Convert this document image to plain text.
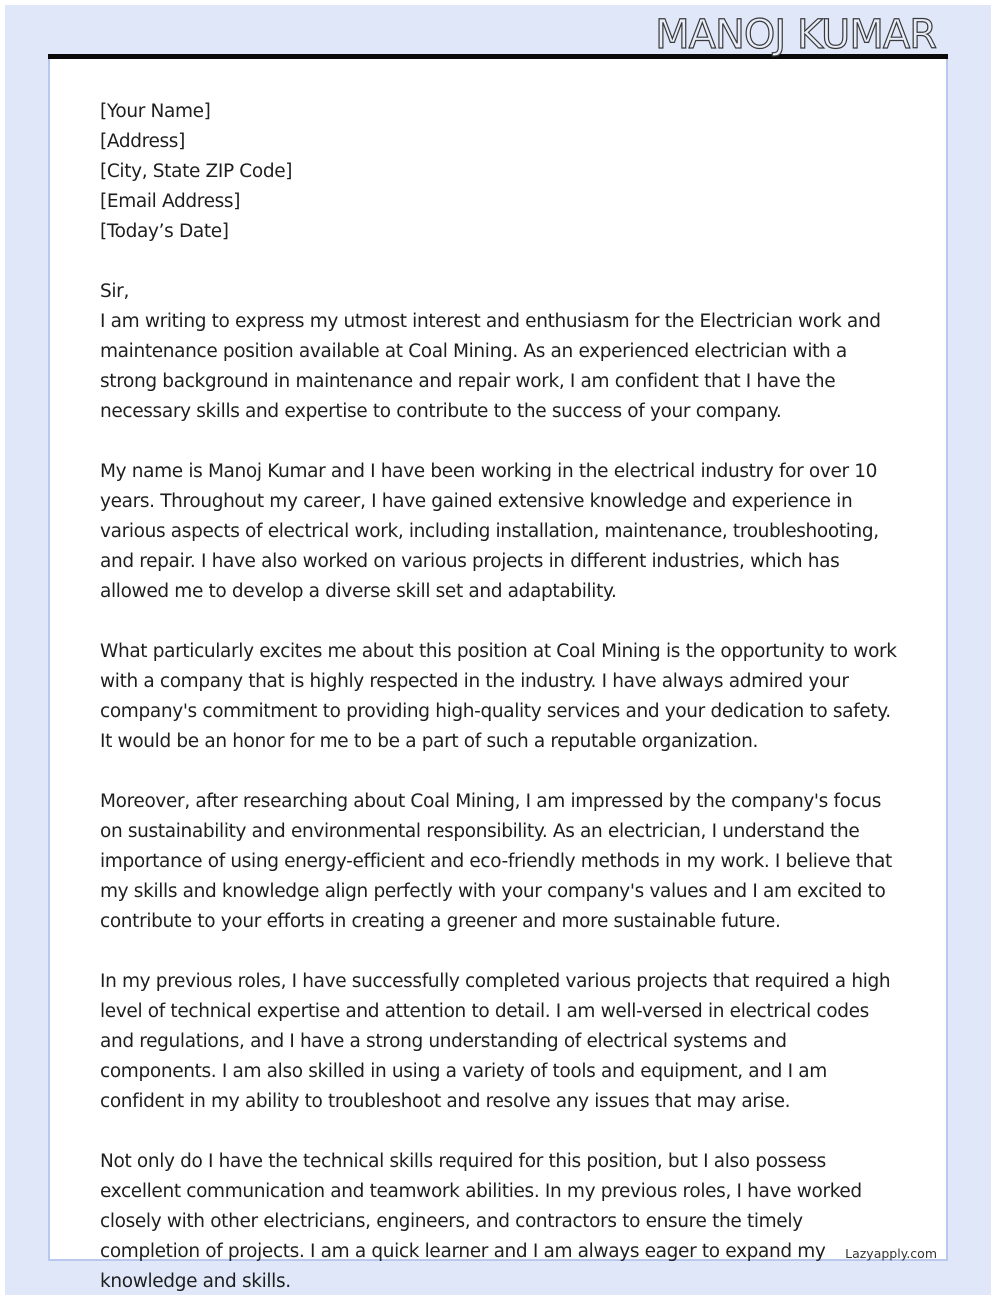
MANOJ KUMAR

[Your Name]

[Address]

[City, State ZIP Code]

[Email Address]

[Today’s Date]

Sir,

I am writing to express my utmost interest and enthusiasm for the Electrician work and maintenance position available at Coal Mining. As an experienced electrician with a strong background in maintenance and repair work, I am confident that I have the necessary skills and expertise to contribute to the success of your company.

My name is Manoj Kumar and I have been working in the electrical industry for over 10 years. Throughout my career, I have gained extensive knowledge and experience in various aspects of electrical work, including installation, maintenance, troubleshooting, and repair. I have also worked on various projects in different industries, which has allowed me to develop a diverse skill set and adaptability.

What particularly excites me about this position at Coal Mining is the opportunity to work with a company that is highly respected in the industry. I have always admired your company's commitment to providing high-quality services and your dedication to safety. It would be an honor for me to be a part of such a reputable organization.

Moreover, after researching about Coal Mining, I am impressed by the company's focus on sustainability and environmental responsibility. As an electrician, I understand the importance of using energy-efficient and eco-friendly methods in my work. I believe that my skills and knowledge align perfectly with your company's values and I am excited to contribute to your efforts in creating a greener and more sustainable future.

In my previous roles, I have successfully completed various projects that required a high level of technical expertise and attention to detail. I am well-versed in electrical codes and regulations, and I have a strong understanding of electrical systems and components. I am also skilled in using a variety of tools and equipment, and I am confident in my ability to troubleshoot and resolve any issues that may arise.

Not only do I have the technical skills required for this position, but I also possess excellent communication and teamwork abilities. In my previous roles, I have worked closely with other electricians, engineers, and contractors to ensure the timely completion of projects. I am a quick learner and I am always eager to expand my knowledge and skills.

Lazyapply.com
